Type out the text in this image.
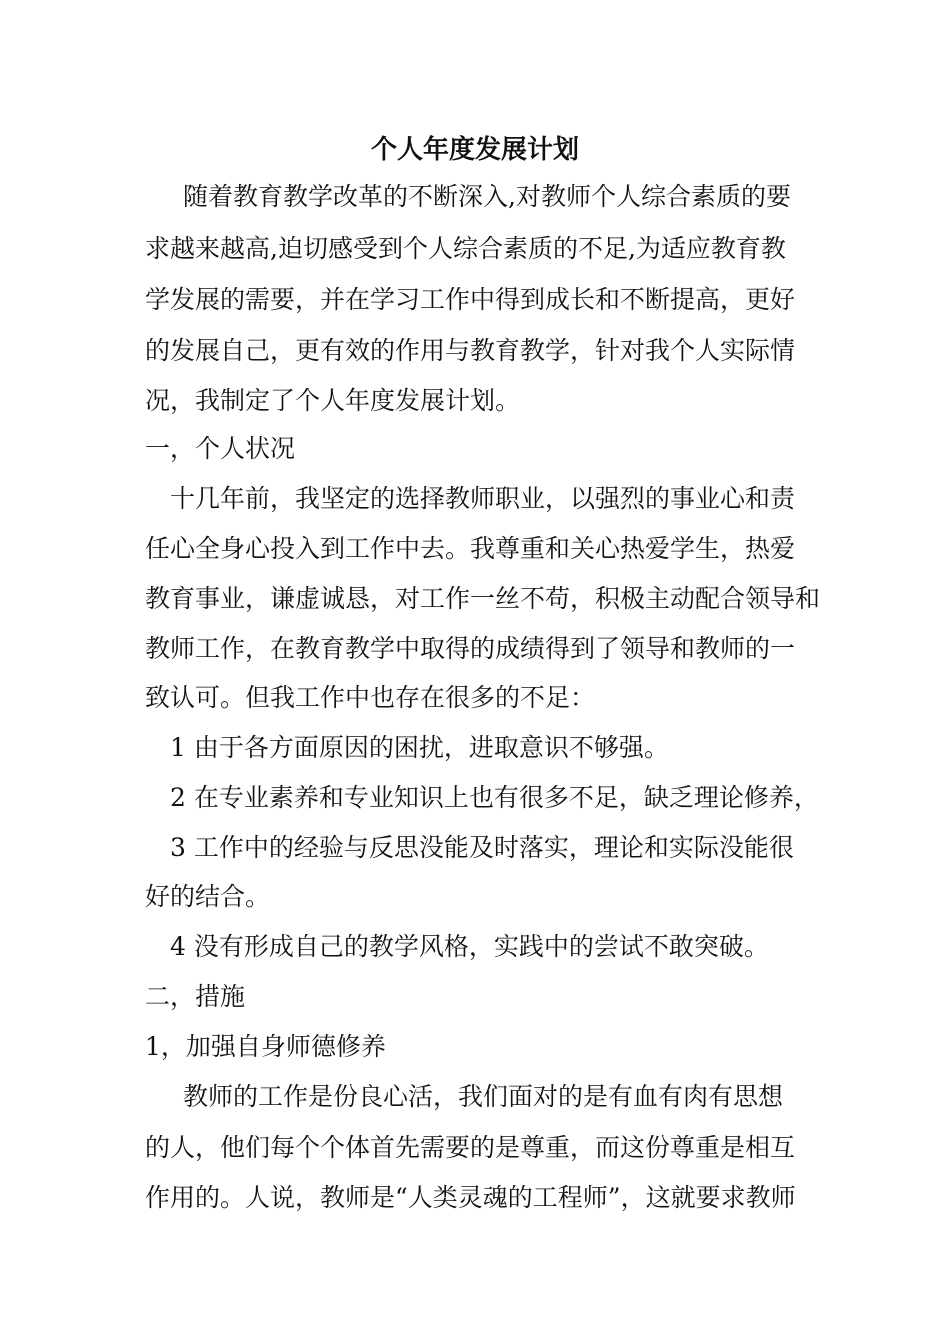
个人年度发展计划
随着教育教学改革的不断深入,对教师个人综合素质的要
求越来越高,迫切感受到个人综合素质的不足,为适应教育教
学发展的需要，并在学习工作中得到成长和不断提高，更好
的发展自己，更有效的作用与教育教学，针对我个人实际情
况，我制定了个人年度发展计划。
一，个人状况
十几年前，我坚定的选择教师职业，以强烈的事业心和责
任心全身心投入到工作中去。我尊重和关心热爱学生，热爱
教育事业，谦虚诚恳，对工作一丝不苟，积极主动配合领导和
教师工作，在教育教学中取得的成绩得到了领导和教师的一
致认可。但我工作中也存在很多的不足：
1 由于各方面原因的困扰，进取意识不够强。
2 在专业素养和专业知识上也有很多不足，缺乏理论修养，
3 工作中的经验与反思没能及时落实，理论和实际没能很
好的结合。
4 没有形成自己的教学风格，实践中的尝试不敢突破。
二，措施
1，加强自身师德修养
教师的工作是份良心活，我们面对的是有血有肉有思想
的人，他们每个个体首先需要的是尊重，而这份尊重是相互
作用的。人说，教师是“人类灵魂的工程师”，这就要求教师
